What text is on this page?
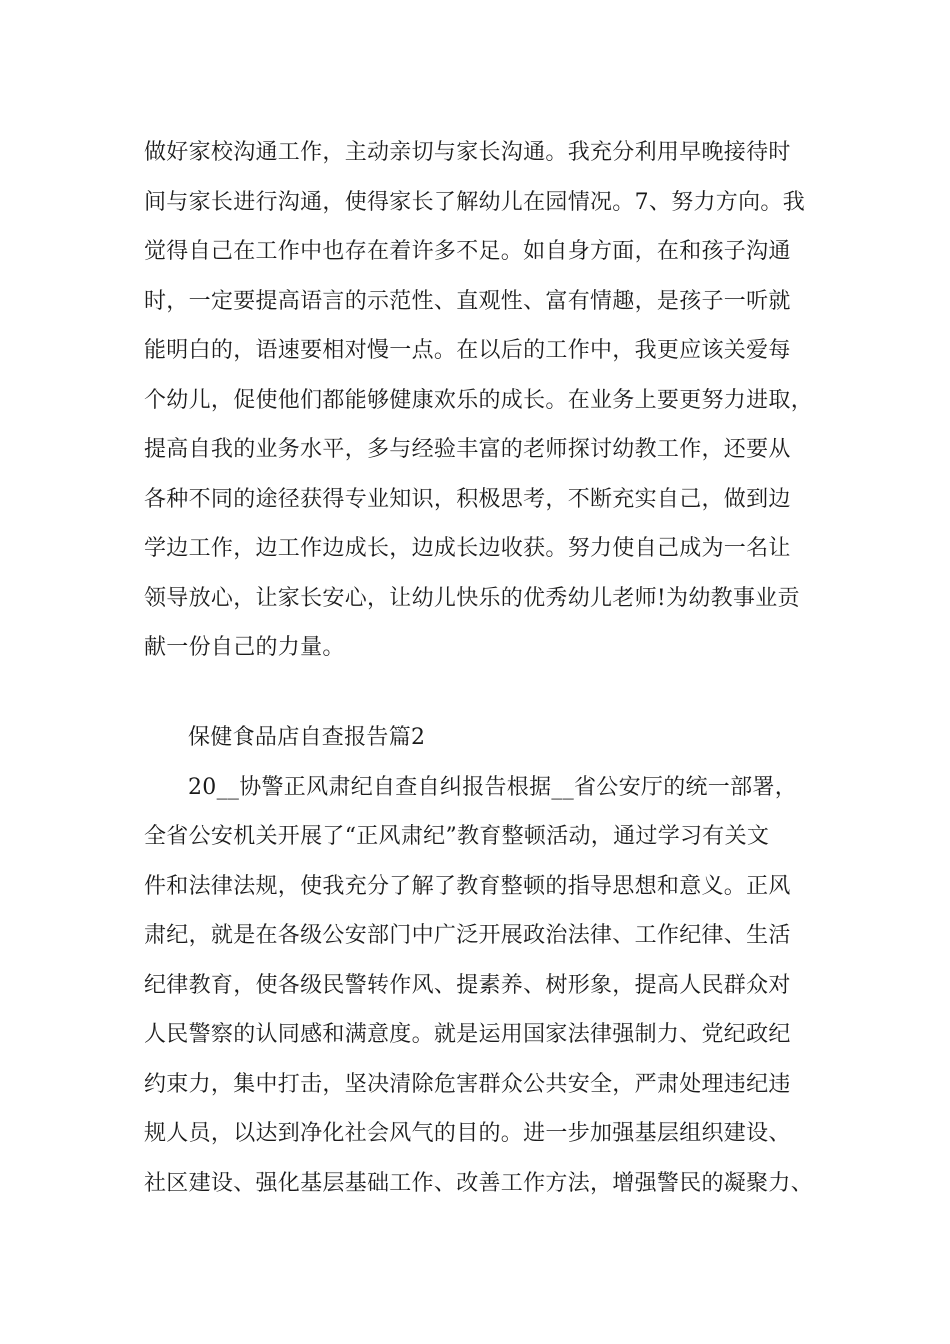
做好家校沟通工作，主动亲切与家长沟通。我充分利用早晚接待时
间与家长进行沟通，使得家长了解幼儿在园情况。7、努力方向。我
觉得自己在工作中也存在着许多不足。如自身方面，在和孩子沟通
时，一定要提高语言的示范性、直观性、富有情趣，是孩子一听就
能明白的，语速要相对慢一点。在以后的工作中，我更应该关爱每
个幼儿，促使他们都能够健康欢乐的成长。在业务上要更努力进取，
提高自我的业务水平，多与经验丰富的老师探讨幼教工作，还要从
各种不同的途径获得专业知识，积极思考，不断充实自己，做到边
学边工作，边工作边成长，边成长边收获。努力使自己成为一名让
领导放心，让家长安心，让幼儿快乐的优秀幼儿老师!为幼教事业贡
献一份自己的力量。
保健食品店自查报告篇2
20__协警正风肃纪自查自纠报告根据__省公安厅的统一部署，
全省公安机关开展了“正风肃纪”教育整顿活动，通过学习有关文
件和法律法规，使我充分了解了教育整顿的指导思想和意义。正风
肃纪，就是在各级公安部门中广泛开展政治法律、工作纪律、生活
纪律教育，使各级民警转作风、提素养、树形象，提高人民群众对
人民警察的认同感和满意度。就是运用国家法律强制力、党纪政纪
约束力，集中打击，坚决清除危害群众公共安全，严肃处理违纪违
规人员，以达到净化社会风气的目的。进一步加强基层组织建设、
社区建设、强化基层基础工作、改善工作方法，增强警民的凝聚力、
